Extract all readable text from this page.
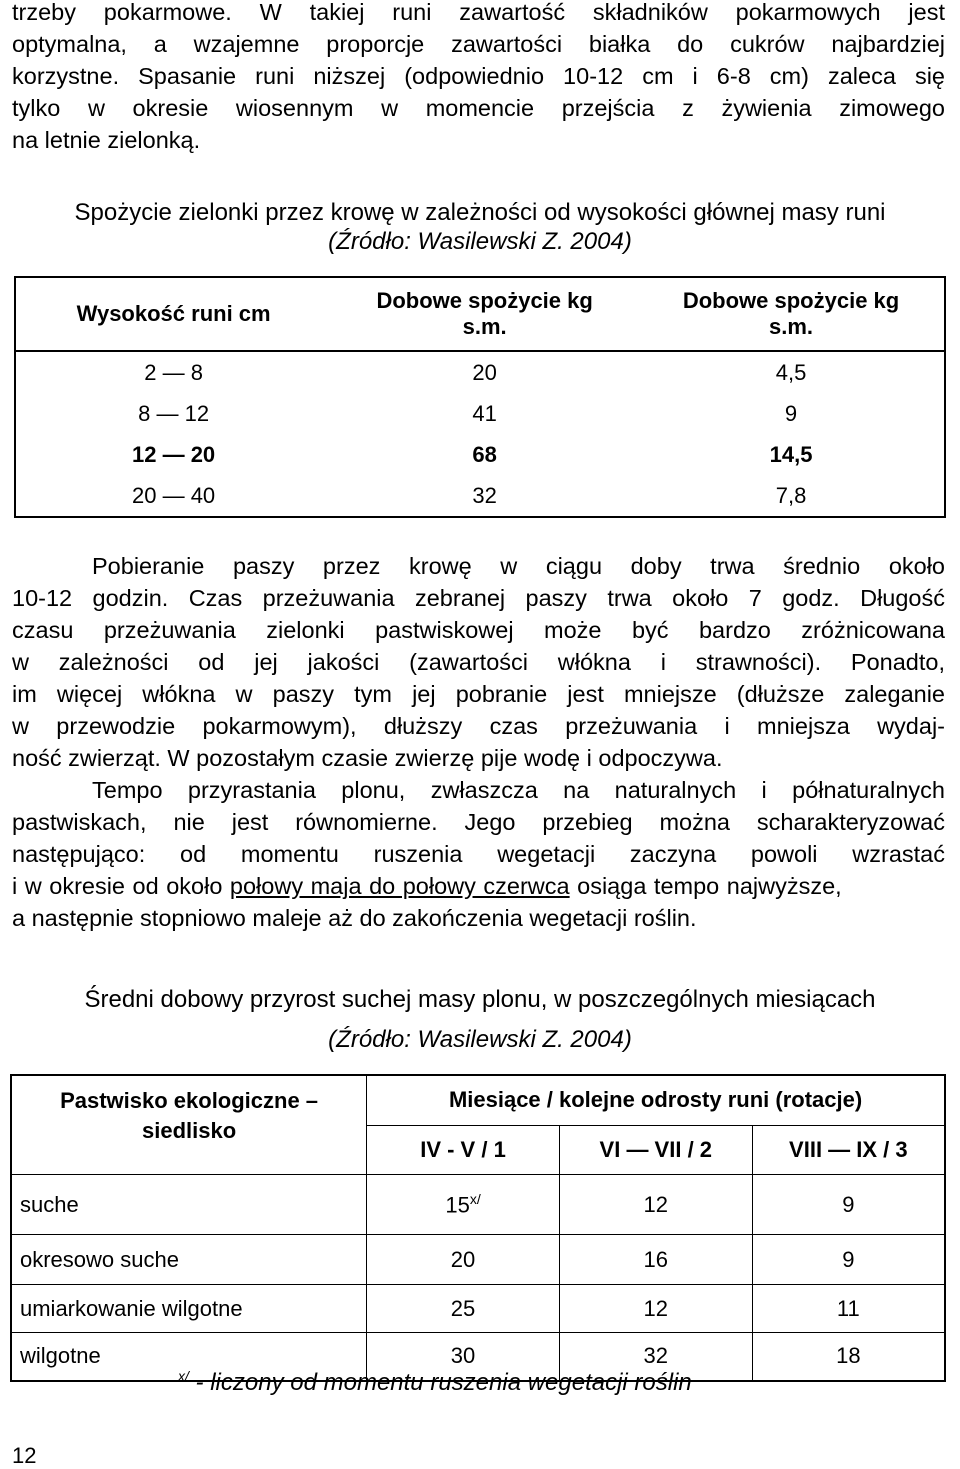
trzeby pokarmowe. W takiej runi zawartość składników pokarmowych jest
optymalna, a wzajemne proporcje zawartości białka do cukrów najbardziej
korzystne. Spasanie runi niższej (odpowiednio 10-12 cm i 6-8 cm) zaleca się
tylko w okresie wiosennym w momencie przejścia z żywienia zimowego
na letnie zielonką.

Spożycie zielonki przez krowę w zależności od wysokości głównej masy runi

(Źródło: Wasilewski Z. 2004)

Wysokość runi cm	Dobowe spożycie kg s.m.	Dobowe spożycie kg s.m.
2 — 8	20	4,5
8 — 12	41	9
12 — 20	68	14,5
20 — 40	32	7,8

Pobieranie paszy przez krowę w ciągu doby trwa średnio około
10-12 godzin. Czas przeżuwania zebranej paszy trwa około 7 godz. Długość
czasu przeżuwania zielonki pastwiskowej może być bardzo zróżnicowana
w zależności od jej jakości (zawartości włókna i strawności). Ponadto,
im więcej włókna w paszy tym jej pobranie jest mniejsze (dłuższe zaleganie
w przewodzie pokarmowym), dłuższy czas przeżuwania i mniejsza wydaj-
ność zwierząt. W pozostałym czasie zwierzę pije wodę i odpoczywa.

Tempo przyrastania plonu, zwłaszcza na naturalnych i półnaturalnych
pastwiskach, nie jest równomierne. Jego przebieg można scharakteryzować
następująco: od momentu ruszenia wegetacji zaczyna powoli wzrastać
i w okresie od około połowy maja do połowy czerwca osiąga tempo najwyższe,
a następnie stopniowo maleje aż do zakończenia wegetacji roślin.

Średni dobowy przyrost suchej masy plonu, w poszczególnych miesiącach

(Źródło: Wasilewski Z. 2004)

Pastwisko ekologiczne – siedlisko	Miesiące / kolejne odrosty runi (rotacje)		
	IV - V / 1	VI — VII / 2	VIII — IX / 3
suche	$15^{x/}$	12	9
okresowo suche	20	16	9
umiarkowanie wilgotne	25	12	11
wilgotne	30	32	18
$^{x/}$ - liczony od momentu ruszenia wegetacji roślin
12
